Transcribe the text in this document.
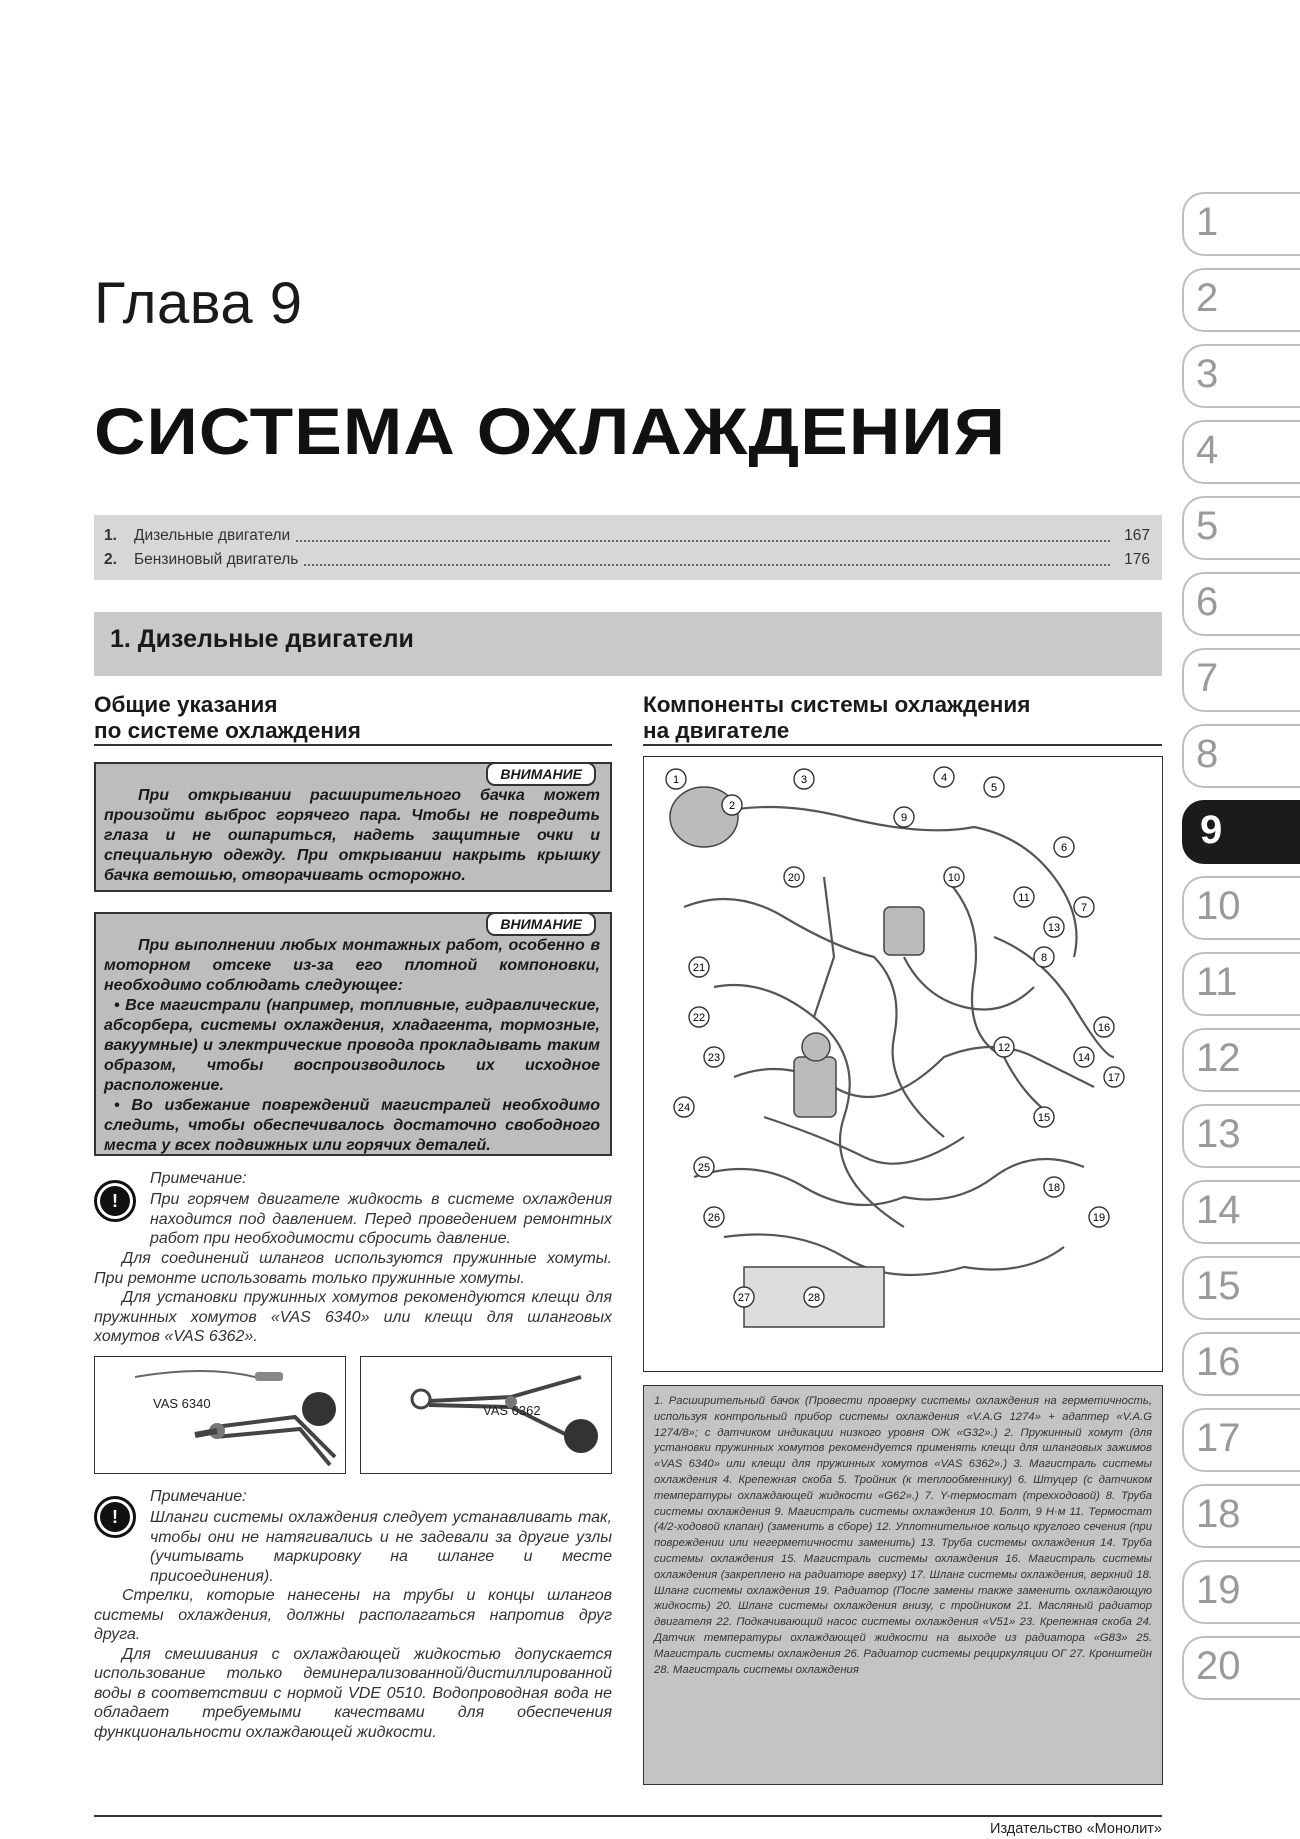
Глава 9
СИСТЕМА ОХЛАЖДЕНИЯ
1.	Дизельные двигатели	167
2.	Бензиновый двигатель	176
1. Дизельные двигатели
Общие указания
по системе охлаждения
Компоненты системы охлаждения
на двигателе
ВНИМАНИЕ

При открывании расширительного бачка может произойти выброс горячего пара. Чтобы не повредить глаза и не ошпариться, надеть защитные очки и специальную одежду. При открывании накрыть крышку бачка ветошью, отворачивать осторожно.

ВНИМАНИЕ

При выполнении любых монтажных работ, особенно в моторном отсеке из-за его плотной компоновки, необходимо соблюдать следующее:

• Все магистрали (например, топливные, гидравлические, абсорбера, системы охлаждения, хладагента, тормозные, вакуумные) и электрические провода прокладывать таким образом, чтобы воспроизводилось их исходное расположение.

• Во избежание повреждений магистралей необходимо следить, чтобы обеспечивалось достаточно свободного места у всех подвижных или горячих деталей.

!
Примечание:
При горячем двигателе жидкость в системе охлаждения находится под давлением. Перед проведением ремонтных работ при необходимости сбросить давление.

Для соединений шлангов используются пружинные хомуты. При ремонте использовать только пружинные хомуты.

Для установки пружинных хомутов рекомендуются клещи для пружинных хомутов «VAS 6340» или клещи для шланговых хомутов «VAS 6362».

VAS 6340	VAS 6362
!
Примечание:
Шланги системы охлаждения следует устанавливать так, чтобы они не натягивались и не задевали за другие узлы (учитывать маркировку на шланге и месте присоединения).

Стрелки, которые нанесены на трубы и концы шлангов системы охлаждения, должны располагаться напротив друг друга.

Для смешивания с охлаждающей жидкостью допускается использование только деминерализованной/дистиллированной воды в соответствии с нормой VDE 0510. Водопроводная вода не обладает требуемыми качествами для обеспечения функциональности охлаждающей жидкости.

1
2
3	4
5
6
7
8
9
10
11
12
13
14
15
16
17
18
19
20
21
22
23
24
25
26
27	28
1. Расширительный бачок (Провести проверку системы охлаждения на герметичность, используя контрольный прибор системы охлаждения «V.A.G 1274» + адаптер «V.A.G 1274/8»; с датчиком индикации низкого уровня ОЖ «G32».) 2. Пружинный хомут (для установки пружинных хомутов рекомендуется применять клещи для шланговых зажимов «VAS 6340» или клещи для пружинных хомутов «VAS 6362».) 3. Магистраль системы охлаждения 4. Крепежная скоба 5. Тройник (к теплообменнику) 6. Штуцер (с датчиком температуры охлаждающей жидкости «G62».) 7. Y-термостат (трехходовой) 8. Труба системы охлаждения 9. Магистраль системы охлаждения 10. Болт, 9 Н·м 11. Термостат (4/2-ходовой клапан) (заменить в сборе) 12. Уплотнительное кольцо круглого сечения (при повреждении или негерметичности заменить) 13. Труба системы охлаждения 14. Труба системы охлаждения 15. Магистраль системы охлаждения 16. Магистраль системы охлаждения (закреплено на радиаторе вверху) 17. Шланг системы охлаждения, верхний 18. Шланг системы охлаждения 19. Радиатор (После замены также заменить охлаждающую жидкость) 20. Шланг системы охлаждения внизу, с тройником 21. Масляный радиатор двигателя 22. Подкачивающий насос системы охлаждения «V51» 23. Крепежная скоба 24. Датчик температуры охлаждающей жидкости на выходе из радиатора «G83» 25. Магистраль системы охлаждения 26. Радиатор системы рециркуляции ОГ 27. Кронштейн 28. Магистраль системы охлаждения
1
2
3
4
5
6
7
8
9
10
11
12
13
14
15
16
17
18
19
20
Издательство «Монолит»
